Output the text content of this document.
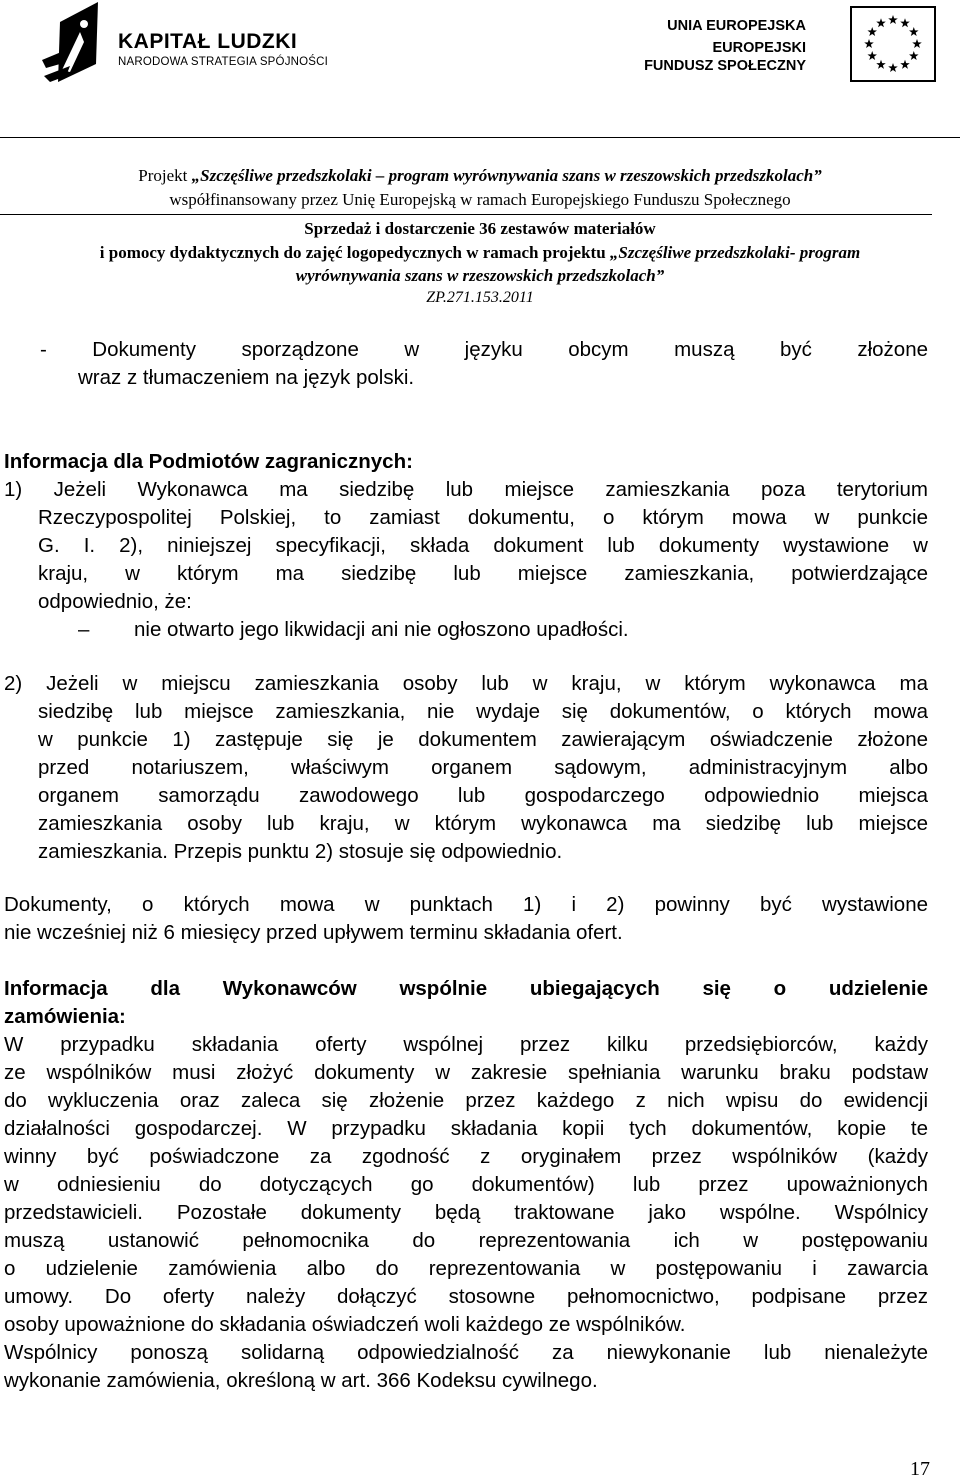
KAPITAŁ LUDZKI
NARODOWA STRATEGIA SPÓJNOŚCI
UNIA EUROPEJSKA
EUROPEJSKI
FUNDUSZ SPOŁECZNY
Projekt „Szczęśliwe przedszkolaki – program wyrównywania szans w rzeszowskich przedszkolach”
współfinansowany przez Unię Europejską w ramach Europejskiego Funduszu Społecznego
Sprzedaż i dostarczenie 36 zestawów materiałów
i pomocy dydaktycznych do zajęć logopedycznych w ramach projektu „Szczęśliwe przedszkolaki- program
wyrównywania szans w rzeszowskich przedszkolach”
ZP.271.153.2011
- Dokumenty sporządzone w języku obcym muszą być złożone
wraz z tłumaczeniem na język polski.
Informacja dla Podmiotów zagranicznych:
1) Jeżeli Wykonawca ma siedzibę lub miejsce zamieszkania poza terytorium
Rzeczypospolitej Polskiej, to zamiast dokumentu, o którym mowa w punkcie
G. I. 2), niniejszej specyfikacji, składa dokument lub dokumenty wystawione w
kraju, w którym ma siedzibę lub miejsce zamieszkania, potwierdzające
odpowiednio, że:
– nie otwarto jego likwidacji ani nie ogłoszono upadłości.
2) Jeżeli w miejscu zamieszkania osoby lub w kraju, w którym wykonawca ma
siedzibę lub miejsce zamieszkania, nie wydaje się dokumentów, o których mowa
w punkcie 1) zastępuje się je dokumentem zawierającym oświadczenie złożone
przed notariuszem, właściwym organem sądowym, administracyjnym albo
organem samorządu zawodowego lub gospodarczego odpowiednio miejsca
zamieszkania osoby lub kraju, w którym wykonawca ma siedzibę lub miejsce
zamieszkania. Przepis punktu 2) stosuje się odpowiednio.
Dokumenty, o których mowa w punktach 1) i 2) powinny być wystawione
nie wcześniej niż 6 miesięcy przed upływem terminu składania ofert.
Informacja dla Wykonawców wspólnie ubiegających się o udzielenie
zamówienia:
W przypadku składania oferty wspólnej przez kilku przedsiębiorców, każdy
ze wspólników musi złożyć dokumenty w zakresie spełniania warunku braku podstaw
do wykluczenia oraz zaleca się złożenie przez każdego z nich wpisu do ewidencji
działalności gospodarczej. W przypadku składania kopii tych dokumentów, kopie te
winny być poświadczone za zgodność z oryginałem przez wspólników (każdy
w odniesieniu do dotyczących go dokumentów) lub przez upoważnionych
przedstawicieli. Pozostałe dokumenty będą traktowane jako wspólne. Wspólnicy
muszą ustanowić pełnomocnika do reprezentowania ich w postępowaniu
o udzielenie zamówienia albo do reprezentowania w postępowaniu i zawarcia
umowy. Do oferty należy dołączyć stosowne pełnomocnictwo, podpisane przez
osoby upoważnione do składania oświadczeń woli każdego ze wspólników.
Wspólnicy ponoszą solidarną odpowiedzialność za niewykonanie lub nienależyte
wykonanie zamówienia, określoną w art. 366 Kodeksu cywilnego.
17
